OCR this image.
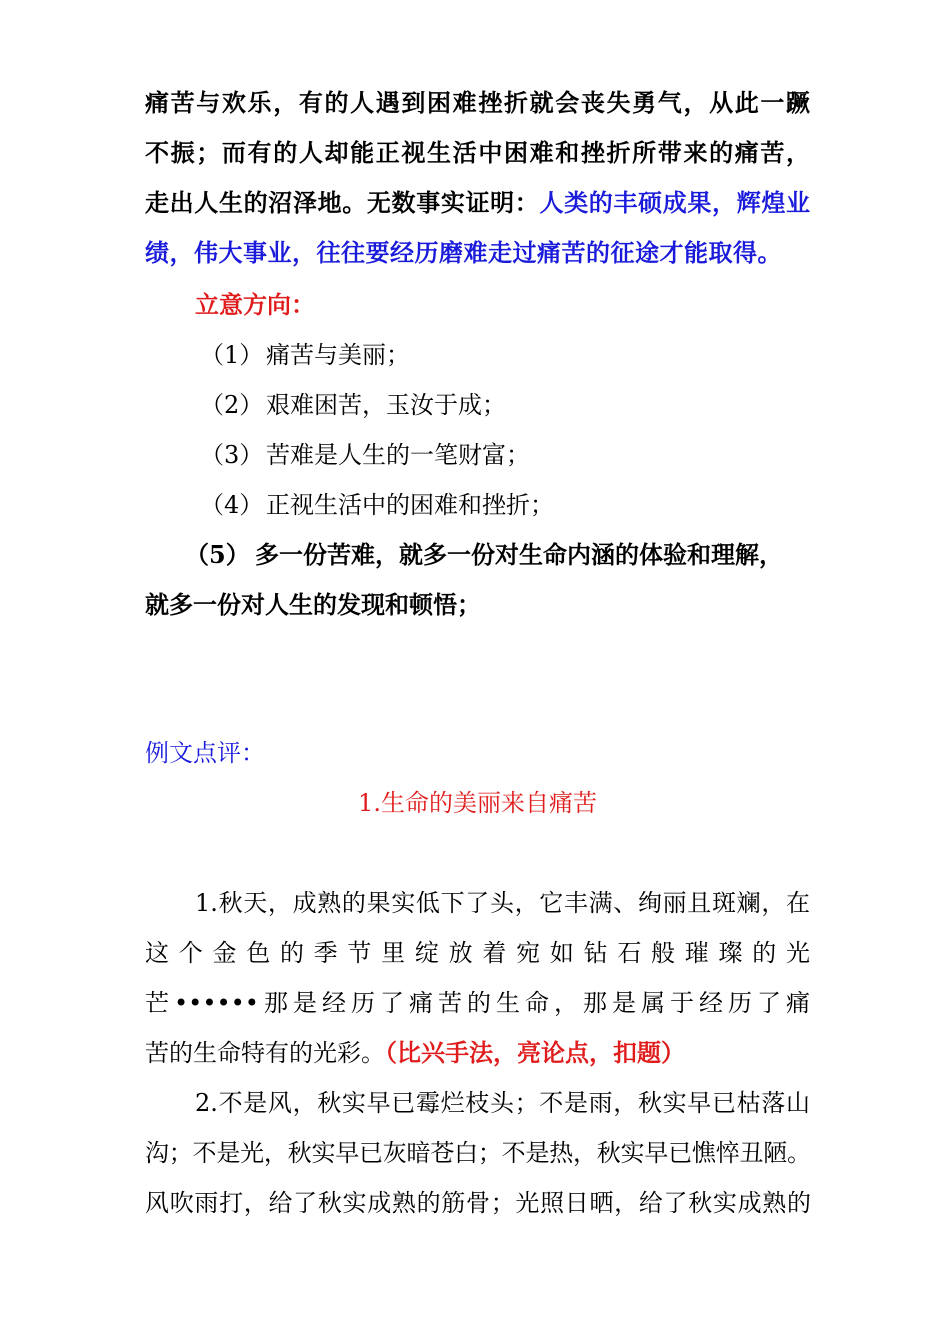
痛苦与欢乐，有的人遇到困难挫折就会丧失勇气，从此一蹶
不振；而有的人却能正视生活中困难和挫折所带来的痛苦，
走出人生的沼泽地。无数事实证明：人类的丰硕成果，辉煌业
绩，伟大事业，往往要经历磨难走过痛苦的征途才能取得。
立意方向：
（1） 痛苦与美丽；
（2） 艰难困苦，玉汝于成；
（3） 苦难是人生的一笔财富；
（4） 正视生活中的困难和挫折；
（5） 多一份苦难，就多一份对生命内涵的体验和理解，
就多一份对人生的发现和顿悟；
例文点评：
1.生命的美丽来自痛苦
1.秋天，成熟的果实低下了头，它丰满、绚丽且斑斓，在
这个金色的季节里绽放着宛如钻石般璀璨的光
芒••••••那是经历了痛苦的生命，那是属于经历了痛
苦的生命特有的光彩。（比兴手法，亮论点，扣题）
2.不是风，秋实早已霉烂枝头；不是雨，秋实早已枯落山
沟；不是光，秋实早已灰暗苍白；不是热，秋实早已憔悴丑陋。
风吹雨打，给了秋实成熟的筋骨；光照日晒，给了秋实成熟的
